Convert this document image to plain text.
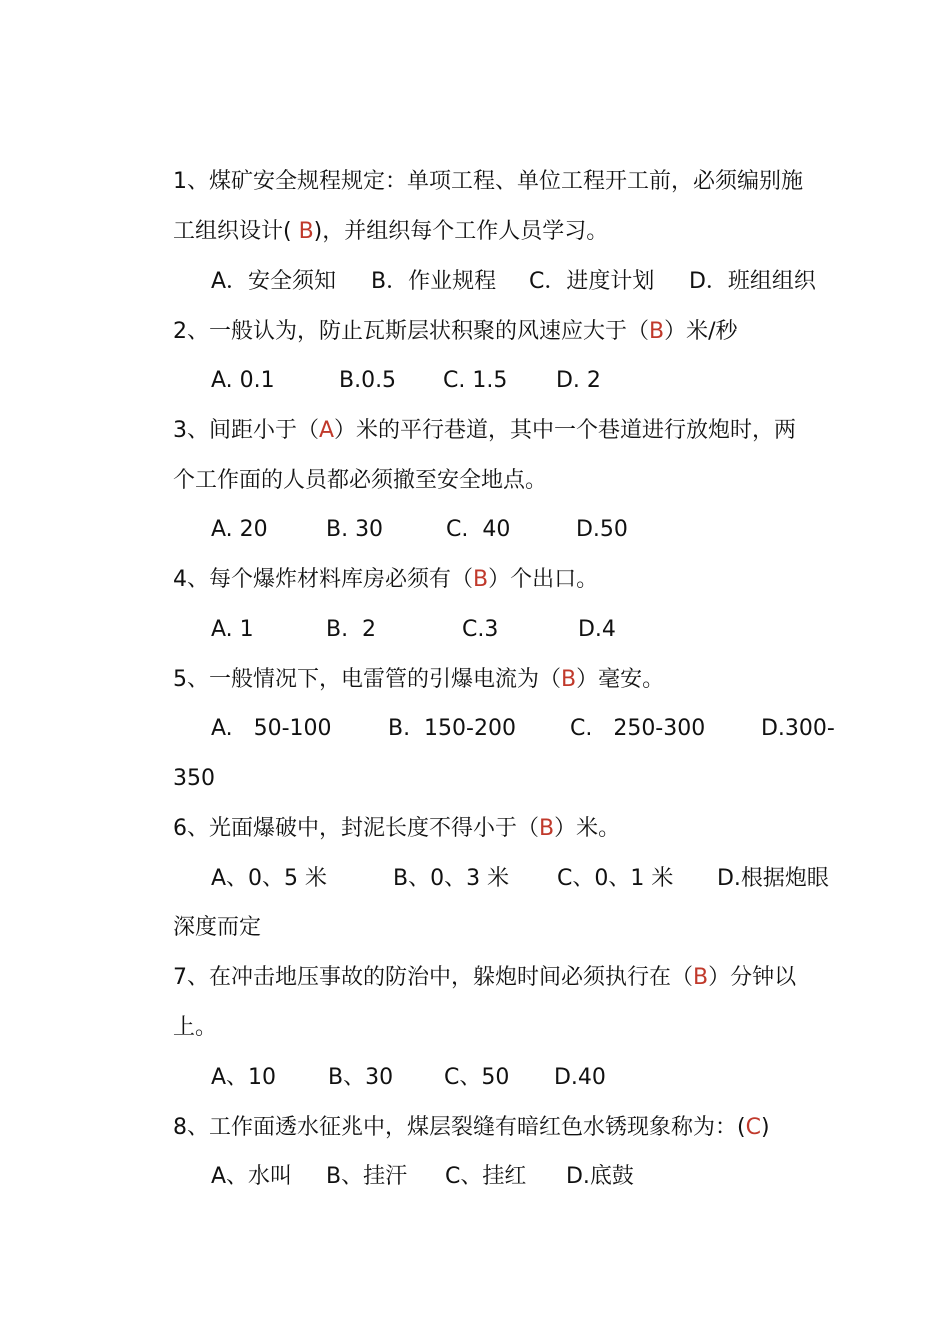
1、煤矿安全规程规定：单项工程、单位工程开工前，必须编别施

工组织设计( B)，并组织每个工作人员学习。

A．安全须知 B．作业规程 C．进度计划 D．班组组织

2、一般认为，防止瓦斯层状积聚的风速应大于（B）米/秒

A. 0.1	B.0.5 C. 1.5 D. 2

3、间距小于（A）米的平行巷道，其中一个巷道进行放炮时，两

个工作面的人员都必须撤至安全地点。

A. 20	B. 30	C.  40	D.50

4、每个爆炸材料库房必须有（B）个出口。

A. 1	B.  2	C.3	D.4

5、一般情况下，电雷管的引爆电流为（B）毫安。

A.   50-100	B.  150-200 C.   250-300	D.300-

350

6、光面爆破中，封泥长度不得小于（B）米。

A、0、5 米	B、0、3 米 C、0、1 米 D.根据炮眼

深度而定

7、在冲击地压事故的防治中，躲炮时间必须执行在（B）分钟以

上。

A、10 B、30 C、50 D.40

8、工作面透水征兆中，煤层裂缝有暗红色水锈现象称为：(C)

A、水叫 B、挂汗 C、挂红 D.底鼓
